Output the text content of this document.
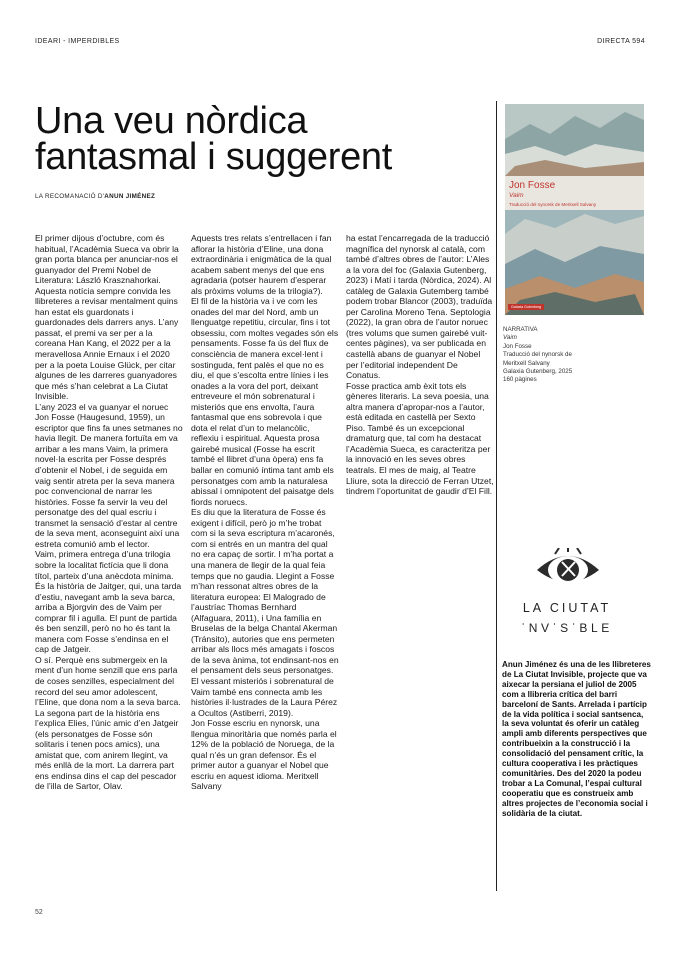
IDEARI - IMPERDIBLES	DIRECTA 594
Una veu nòrdica fantasmal i suggerent
LA RECOMANACIÓ D'ANUN JIMÉNEZ

El primer dijous d’octubre, com és habitual, l’Acadèmia Sueca va obrir la gran porta blanca per anunciar-nos el guanyador del Premi Nobel de Literatura: László Krasznahorkai. Aquesta notícia sempre convida les llibreteres a revisar mentalment quins han estat els guardonats i guardonades dels darrers anys. L’any passat, el premi va ser per a la coreana Han Kang, el 2022 per a la meravellosa Annie Ernaux i el 2020 per a la poeta Louise Glück, per citar algunes de les darreres guanyadores que més s’han celebrat a La Ciutat Invisible.

L’any 2023 el va guanyar el noruec Jon Fosse (Haugesund, 1959), un escriptor que fins fa unes setmanes no havia llegit. De manera fortuïta em va arribar a les mans Vaim, la primera novel·la escrita per Fosse després d’obtenir el Nobel, i de seguida em vaig sentir atreta per la seva manera poc convencional de narrar les històries. Fosse fa servir la veu del personatge des del qual escriu i transmet la sensació d’estar al centre de la seva ment, aconseguint així una estreta comunió amb el lector.

Vaim, primera entrega d’una trilogia sobre la localitat fictícia que li dona títol, parteix d’una anècdota mínima. És la història de Jaitger, qui, una tarda d’estiu, navegant amb la seva barca, arriba a Bjorgvin des de Vaim per comprar fil i agulla. El punt de partida és ben senzill, però no ho és tant la manera com Fosse s’endinsa en el cap de Jatgeir.

O sí. Perquè ens submergeix en la ment d’un home senzill que ens parla de coses senzilles, especialment del record del seu amor adolescent, l’Eline, que dona nom a la seva barca. La segona part de la història ens l’explica Elies, l’únic amic d’en Jatgeir (els personatges de Fosse són solitaris i tenen pocs amics), una amistat que, com anirem llegint, va més enllà de la mort. La darrera part ens endinsa dins el cap del pescador de l’illa de Sartor, Olav.

Aquests tres relats s’entrellacen i fan aflorar la història d’Eline, una dona extraordinària i enigmàtica de la qual acabem sabent menys del que ens agradaria (potser haurem d’esperar als pròxims volums de la trilogia?).

El fil de la història va i ve com les onades del mar del Nord, amb un llenguatge repetitiu, circular, fins i tot obsessiu, com moltes vegades són els pensaments. Fosse fa ús del flux de consciència de manera excel·lent i sostinguda, fent palès el que no es diu, el que s’escolta entre línies i les onades a la vora del port, deixant entreveure el món sobrenatural i misteriós que ens envolta, l’aura fantasmal que ens sobrevola i que dota el relat d’un to melancòlic, reflexiu i espiritual. Aquesta prosa gairebé musical (Fosse ha escrit també el llibret d’una òpera) ens fa ballar en comunió íntima tant amb els personatges com amb la naturalesa abissal i omnipotent del paisatge dels fiords noruecs.

Es diu que la literatura de Fosse és exigent i difícil, però jo m’he trobat com si la seva escriptura m’acaronés, com si entrés en un mantra del qual no era capaç de sortir. I m’ha portat a una manera de llegir de la qual feia temps que no gaudia. Llegint a Fosse m’han ressonat altres obres de la literatura europea: El Malogrado de l’austríac Thomas Bernhard (Alfaguara, 2011), i Una família en Bruselas de la belga Chantal Akerman (Tránsito), autories que ens permeten arribar als llocs més amagats i foscos de la seva ànima, tot endinsant-nos en el pensament dels seus personatges. El vessant misteriós i sobrenatural de Vaim també ens connecta amb les històries il·lustrades de la Laura Pérez a Ocultos (Astiberri, 2019).

Jon Fosse escriu en nynorsk, una llengua minoritària que només parla el 12% de la població de Noruega, de la qual n’és un gran defensor. És el primer autor a guanyar el Nobel que escriu en aquest idioma. Meritxell Salvany

ha estat l’encarregada de la traducció magnífica del nynorsk al català, com també d’altres obres de l’autor: L’Ales a la vora del foc (Galaxia Gutenberg, 2023) i Matí i tarda (Nòrdica, 2024). Al catàleg de Galaxia Gutemberg també podem trobar Blancor (2003), traduïda per Carolina Moreno Tena. Septologia (2022), la gran obra de l’autor noruec (tres volums que sumen gairebé vuit-centes pàgines), va ser publicada en castellà abans de guanyar el Nobel per l’editorial independent De Conatus.

Fosse practica amb èxit tots els gèneres literaris. La seva poesia, una altra manera d’apropar-nos a l’autor, està editada en castellà per Sexto Piso. També és un excepcional dramaturg que, tal com ha destacat l’Acadèmia Sueca, es caracteritza per la innovació en les seves obres teatrals. El mes de maig, al Teatre Lliure, sota la direcció de Ferran Utzet, tindrem l’oportunitat de gaudir d’El Fill.

Jon Fosse
Vaim
Traducció del nynorsk de Meritxell Salvany
Galaxia Gutenberg

NARRATIVA

Vaim

Jon Fosse

Traducció del nynorsk de

Meritxell Salvany

Galaxia Gutenberg, 2025

160 pàgines

LA CIUTAT
ˈNVˈSˈBLE

Anun Jiménez és una de les llibreteres de La Ciutat Invisible, projecte que va aixecar la persiana el juliol de 2005 com a llibreria crítica del barri barceloní de Sants. Arrelada i partícip de la vida política i social santsenca, la seva voluntat és oferir un catàleg ampli amb diferents perspectives que contribueixin a la construcció i la consolidació del pensament crític, la cultura cooperativa i les pràctiques comunitàries. Des del 2020 la podeu trobar a La Comunal, l’espai cultural cooperatiu que es construeix amb altres projectes de l’economia social i solidària de la ciutat.

52
